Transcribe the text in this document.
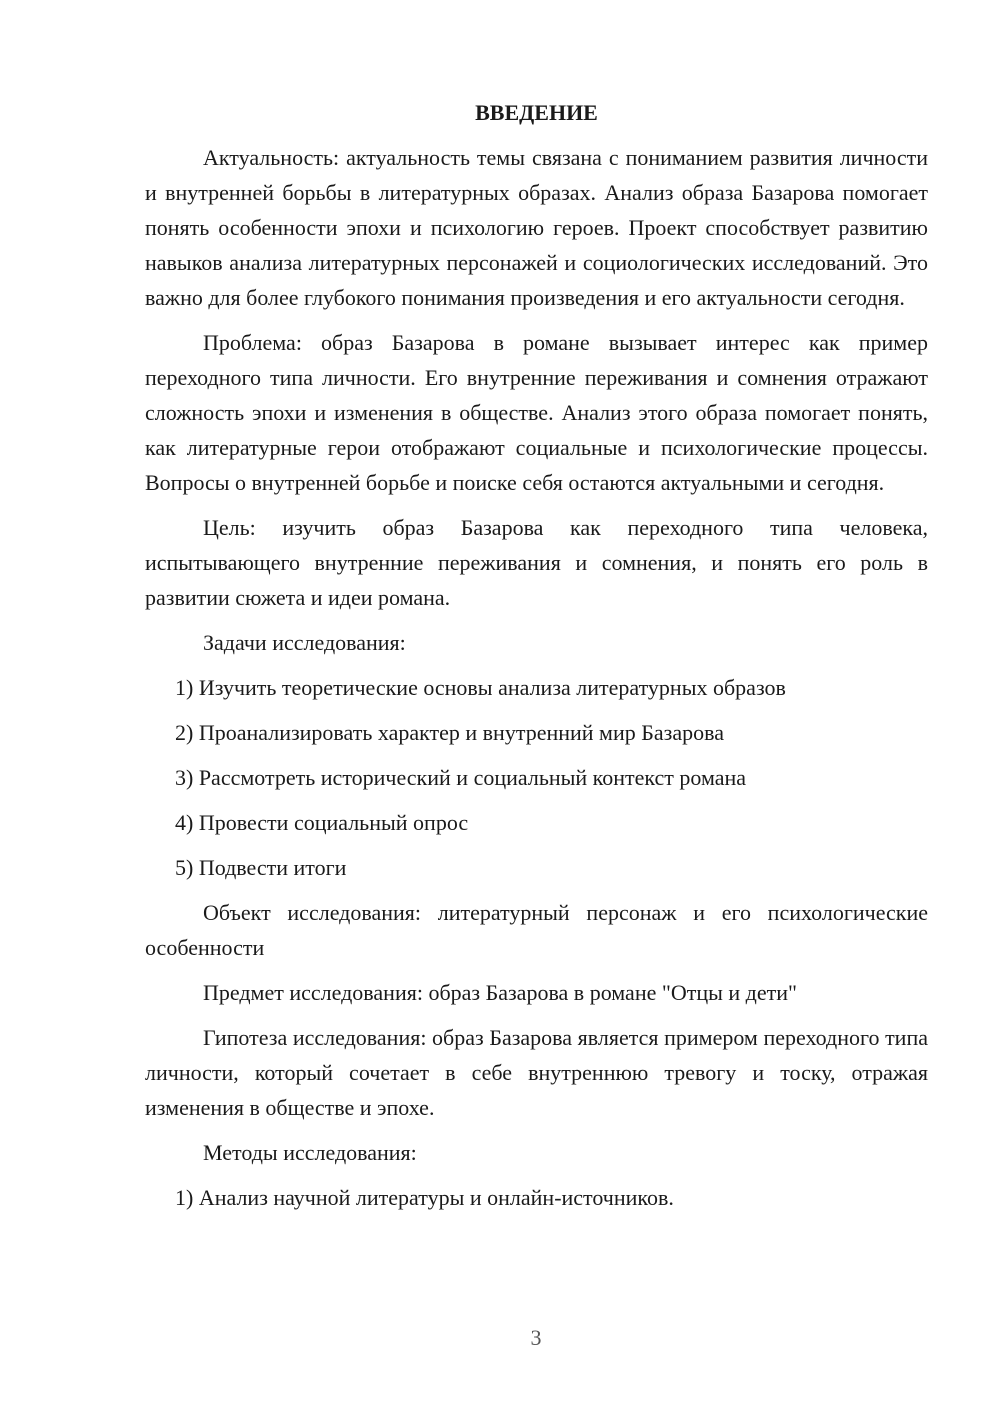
ВВЕДЕНИЕ

Актуальность: актуальность темы связана с пониманием развития личности и внутренней борьбы в литературных образах. Анализ образа Базарова помогает понять особенности эпохи и психологию героев. Проект способствует развитию навыков анализа литературных персонажей и социологических исследований. Это важно для более глубокого понимания произведения и его актуальности сегодня.

Проблема: образ Базарова в романе вызывает интерес как пример переходного типа личности. Его внутренние переживания и сомнения отражают сложность эпохи и изменения в обществе. Анализ этого образа помогает понять, как литературные герои отображают социальные и психологические процессы. Вопросы о внутренней борьбе и поиске себя остаются актуальными и сегодня.

Цель: изучить образ Базарова как переходного типа человека, испытывающего внутренние переживания и сомнения, и понять его роль в развитии сюжета и идеи романа.

Задачи исследования:
1) Изучить теоретические основы анализа литературных образов
2) Проанализировать характер и внутренний мир Базарова
3) Рассмотреть исторический и социальный контекст романа
4) Провести социальный опрос
5) Подвести итоги

Объект исследования: литературный персонаж и его психологические особенности

Предмет исследования: образ Базарова в романе "Отцы и дети"

Гипотеза исследования: образ Базарова является примером переходного типа личности, который сочетает в себе внутреннюю тревогу и тоску, отражая изменения в обществе и эпохе.

Методы исследования:
1) Анализ научной литературы и онлайн-источников.
3
